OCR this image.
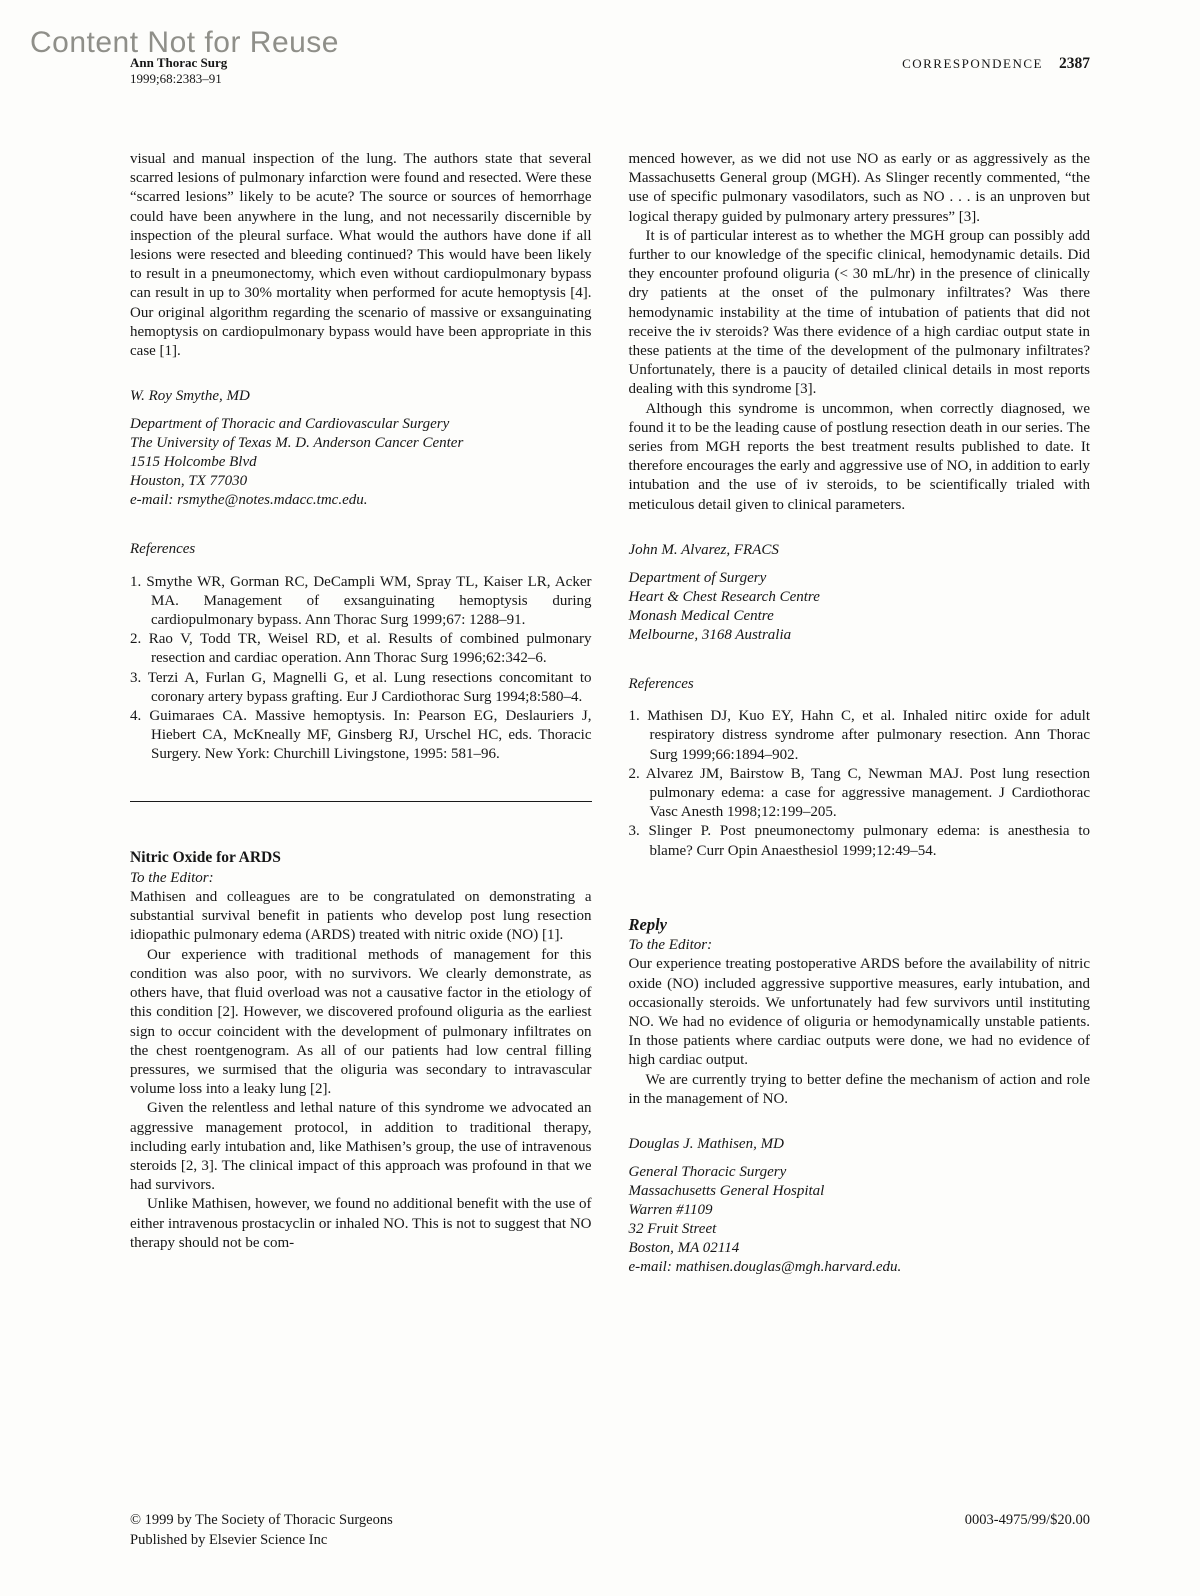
Content Not for Reuse
Ann Thorac Surg
1999;68:2383–91
CORRESPONDENCE 2387

visual and manual inspection of the lung. The authors state that several scarred lesions of pulmonary infarction were found and resected. Were these “scarred lesions” likely to be acute? The source or sources of hemorrhage could have been anywhere in the lung, and not necessarily discernible by inspection of the pleural surface. What would the authors have done if all lesions were resected and bleeding continued? This would have been likely to result in a pneumonectomy, which even without cardiopulmonary bypass can result in up to 30% mortality when performed for acute hemoptysis [4]. Our original algorithm regarding the scenario of massive or exsanguinating hemoptysis on cardiopulmonary bypass would have been appropriate in this case [1].

W. Roy Smythe, MD

Department of Thoracic and Cardiovascular Surgery
The University of Texas M. D. Anderson Cancer Center
1515 Holcombe Blvd
Houston, TX 77030
e-mail: rsmythe@notes.mdacc.tmc.edu.

References

Smythe WR, Gorman RC, DeCampli WM, Spray TL, Kaiser LR, Acker MA. Management of exsanguinating hemoptysis during cardiopulmonary bypass. Ann Thorac Surg 1999;67: 1288–91.
Rao V, Todd TR, Weisel RD, et al. Results of combined pulmonary resection and cardiac operation. Ann Thorac Surg 1996;62:342–6.
Terzi A, Furlan G, Magnelli G, et al. Lung resections concomitant to coronary artery bypass grafting. Eur J Cardiothorac Surg 1994;8:580–4.
Guimaraes CA. Massive hemoptysis. In: Pearson EG, Deslauriers J, Hiebert CA, McKneally MF, Ginsberg RJ, Urschel HC, eds. Thoracic Surgery. New York: Churchill Livingstone, 1995: 581–96.
Nitric Oxide for ARDS

To the Editor:

Mathisen and colleagues are to be congratulated on demonstrating a substantial survival benefit in patients who develop post lung resection idiopathic pulmonary edema (ARDS) treated with nitric oxide (NO) [1].

Our experience with traditional methods of management for this condition was also poor, with no survivors. We clearly demonstrate, as others have, that fluid overload was not a causative factor in the etiology of this condition [2]. However, we discovered profound oliguria as the earliest sign to occur coincident with the development of pulmonary infiltrates on the chest roentgenogram. As all of our patients had low central filling pressures, we surmised that the oliguria was secondary to intravascular volume loss into a leaky lung [2].

Given the relentless and lethal nature of this syndrome we advocated an aggressive management protocol, in addition to traditional therapy, including early intubation and, like Mathisen’s group, the use of intravenous steroids [2, 3]. The clinical impact of this approach was profound in that we had survivors.

Unlike Mathisen, however, we found no additional benefit with the use of either intravenous prostacyclin or inhaled NO. This is not to suggest that NO therapy should not be com-

menced however, as we did not use NO as early or as aggressively as the Massachusetts General group (MGH). As Slinger recently commented, “the use of specific pulmonary vasodilators, such as NO . . . is an unproven but logical therapy guided by pulmonary artery pressures” [3].

It is of particular interest as to whether the MGH group can possibly add further to our knowledge of the specific clinical, hemodynamic details. Did they encounter profound oliguria (< 30 mL/hr) in the presence of clinically dry patients at the onset of the pulmonary infiltrates? Was there hemodynamic instability at the time of intubation of patients that did not receive the iv steroids? Was there evidence of a high cardiac output state in these patients at the time of the development of the pulmonary infiltrates? Unfortunately, there is a paucity of detailed clinical details in most reports dealing with this syndrome [3].

Although this syndrome is uncommon, when correctly diagnosed, we found it to be the leading cause of postlung resection death in our series. The series from MGH reports the best treatment results published to date. It therefore encourages the early and aggressive use of NO, in addition to early intubation and the use of iv steroids, to be scientifically trialed with meticulous detail given to clinical parameters.

John M. Alvarez, FRACS

Department of Surgery
Heart & Chest Research Centre
Monash Medical Centre
Melbourne, 3168 Australia

References

Mathisen DJ, Kuo EY, Hahn C, et al. Inhaled nitirc oxide for adult respiratory distress syndrome after pulmonary resection. Ann Thorac Surg 1999;66:1894–902.
Alvarez JM, Bairstow B, Tang C, Newman MAJ. Post lung resection pulmonary edema: a case for aggressive management. J Cardiothorac Vasc Anesth 1998;12:199–205.
Slinger P. Post pneumonectomy pulmonary edema: is anesthesia to blame? Curr Opin Anaesthesiol 1999;12:49–54.
Reply

To the Editor:

Our experience treating postoperative ARDS before the availability of nitric oxide (NO) included aggressive supportive measures, early intubation, and occasionally steroids. We unfortunately had few survivors until instituting NO. We had no evidence of oliguria or hemodynamically unstable patients. In those patients where cardiac outputs were done, we had no evidence of high cardiac output.

We are currently trying to better define the mechanism of action and role in the management of NO.

Douglas J. Mathisen, MD

General Thoracic Surgery
Massachusetts General Hospital
Warren #1109
32 Fruit Street
Boston, MA 02114
e-mail: mathisen.douglas@mgh.harvard.edu.
© 1999 by The Society of Thoracic Surgeons
Published by Elsevier Science Inc
0003-4975/99/$20.00
